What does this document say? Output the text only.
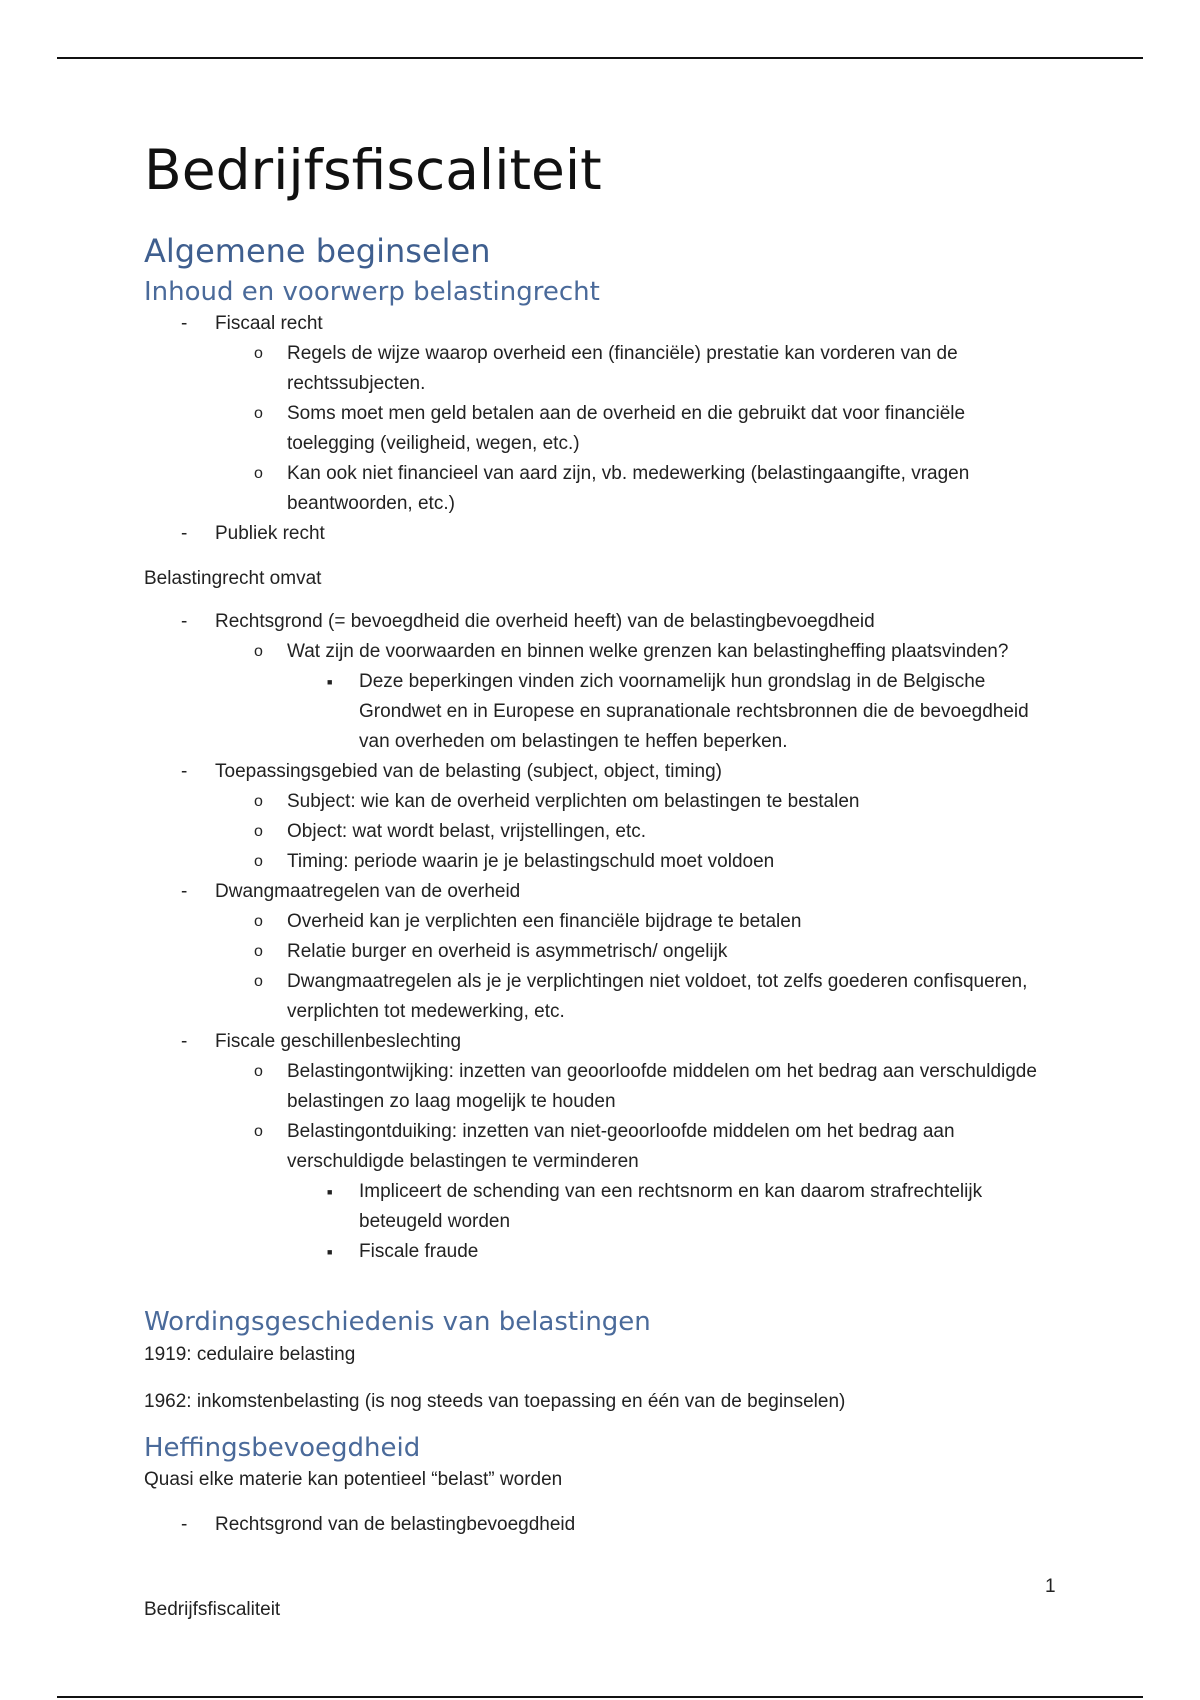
Bedrijfsfiscaliteit
Algemene beginselen
Inhoud en voorwerp belastingrecht
- Fiscaal recht
o Regels de wijze waarop overheid een (financiële) prestatie kan vorderen van de rechtssubjecten.
o Soms moet men geld betalen aan de overheid en die gebruikt dat voor financiële toelegging (veiligheid, wegen, etc.)
o Kan ook niet financieel van aard zijn, vb. medewerking (belastingaangifte, vragen beantwoorden, etc.)
- Publiek recht

Belastingrecht omvat

- Rechtsgrond (= bevoegdheid die overheid heeft) van de belastingbevoegdheid
o Wat zijn de voorwaarden en binnen welke grenzen kan belastingheffing plaatsvinden?
■ Deze beperkingen vinden zich voornamelijk hun grondslag in de Belgische Grondwet en in Europese en supranationale rechtsbronnen die de bevoegdheid van overheden om belastingen te heffen beperken.
- Toepassingsgebied van de belasting (subject, object, timing)
o Subject: wie kan de overheid verplichten om belastingen te bestalen
o Object: wat wordt belast, vrijstellingen, etc.
o Timing: periode waarin je je belastingschuld moet voldoen
- Dwangmaatregelen van de overheid
o Overheid kan je verplichten een financiële bijdrage te betalen
o Relatie burger en overheid is asymmetrisch/ ongelijk
o Dwangmaatregelen als je je verplichtingen niet voldoet, tot zelfs goederen confisqueren, verplichten tot medewerking, etc.
- Fiscale geschillenbeslechting
o Belastingontwijking: inzetten van geoorloofde middelen om het bedrag aan verschuldigde belastingen zo laag mogelijk te houden
o Belastingontduiking: inzetten van niet-geoorloofde middelen om het bedrag aan verschuldigde belastingen te verminderen
■ Impliceert de schending van een rechtsnorm en kan daarom strafrechtelijk beteugeld worden
■ Fiscale fraude
Wordingsgeschiedenis van belastingen

1919: cedulaire belasting

1962: inkomstenbelasting (is nog steeds van toepassing en één van de beginselen)

Heffingsbevoegdheid

Quasi elke materie kan potentieel “belast” worden

- Rechtsgrond van de belastingbevoegdheid
1
Bedrijfsfiscaliteit
